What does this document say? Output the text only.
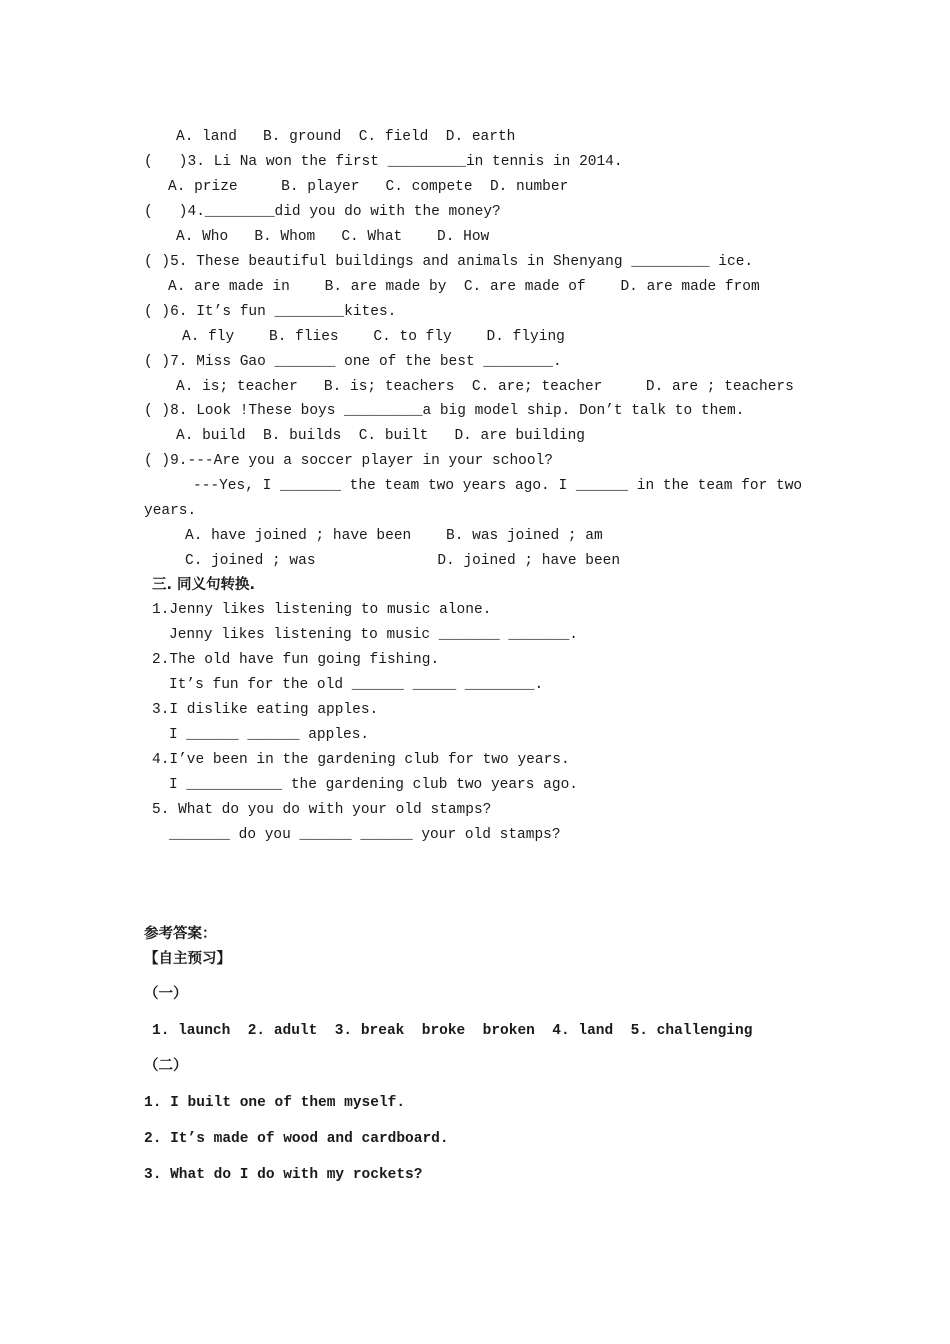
A. land   B. ground  C. field  D. earth
(   )3. Li Na won the first _________in tennis in 2014.
A. prize     B. player   C. compete  D. number
(   )4.________did you do with the money?
A. Who   B. Whom   C. What    D. How
( )5. These beautiful buildings and animals in Shenyang _________ ice.
A. are made in    B. are made by  C. are made of    D. are made from
( )6. It’s fun ________kites.
A. fly    B. flies    C. to fly    D. flying
( )7. Miss Gao _______ one of the best ________.
A. is; teacher   B. is; teachers  C. are; teacher     D. are ; teachers
( )8. Look !These boys _________a big model ship. Don’t talk to them.
A. build  B. builds  C. built   D. are building
( )9.---Are you a soccer player in your school?
---Yes, I _______ the team two years ago. I ______ in the team for two
years.
A. have joined ; have been    B. was joined ; am
C. joined ; was              D. joined ; have been
三. 同义句转换.
1.Jenny likes listening to music alone.
Jenny likes listening to music _______ _______.
2.The old have fun going fishing.
It’s fun for the old ______ _____ ________.
3.I dislike eating apples.
I ______ ______ apples.
4.I’ve been in the gardening club for two years.
I ___________ the gardening club two years ago.
5. What do you do with your old stamps?
_______ do you ______ ______ your old stamps?
参考答案：
【自主预习】
（一）
1. launch  2. adult  3. break  broke  broken  4. land  5. challenging
（二）
1. I built one of them myself.
2. It’s made of wood and cardboard.
3. What do I do with my rockets?
